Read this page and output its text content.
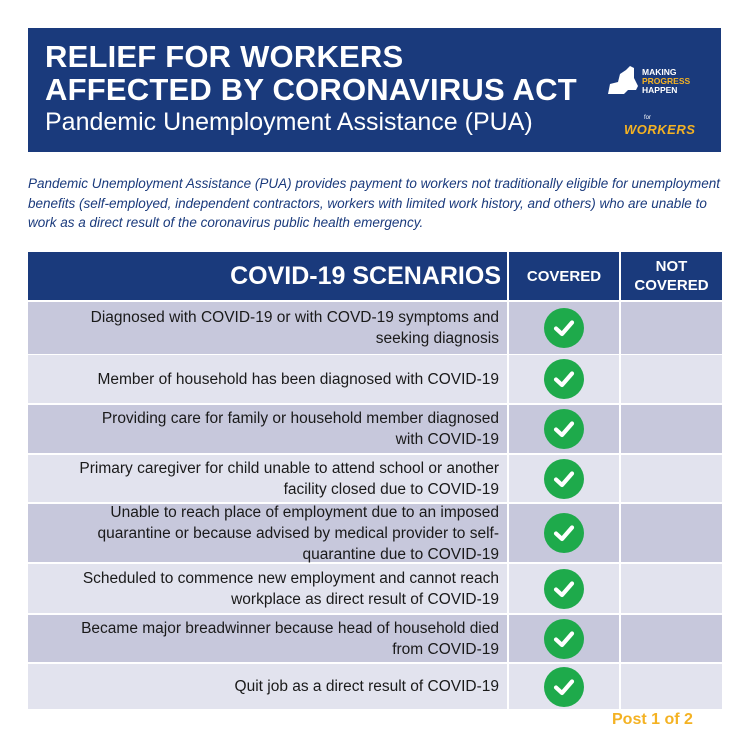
RELIEF FOR WORKERS
AFFECTED BY CORONAVIRUS ACT
Pandemic Unemployment Assistance (PUA)
MAKING
PROGRESS
HAPPEN
for
WORKERS
Pandemic Unemployment Assistance (PUA) provides payment to workers not traditionally eligible for unemployment benefits (self-employed, independent contractors, workers with limited work history, and others) who are unable to work as a direct result of the coronavirus public health emergency.
COVID-19 SCENARIOS	COVERED
NOT
COVERED
Diagnosed with COVID-19 or with COVD-19 symptoms and
seeking diagnosis
Member of household has been diagnosed with COVID-19
Providing care for family or household member diagnosed
with COVID-19
Primary caregiver for child unable to attend school or another
facility closed due to COVID-19
Unable to reach place of employment due to an imposed
quarantine or because advised by medical provider to self-
quarantine due to COVID-19
Scheduled to commence new employment and cannot reach
workplace as direct result of COVID-19
Became major breadwinner because head of household died
from COVID-19
Quit job as a direct result of COVID-19
Post 1 of 2
